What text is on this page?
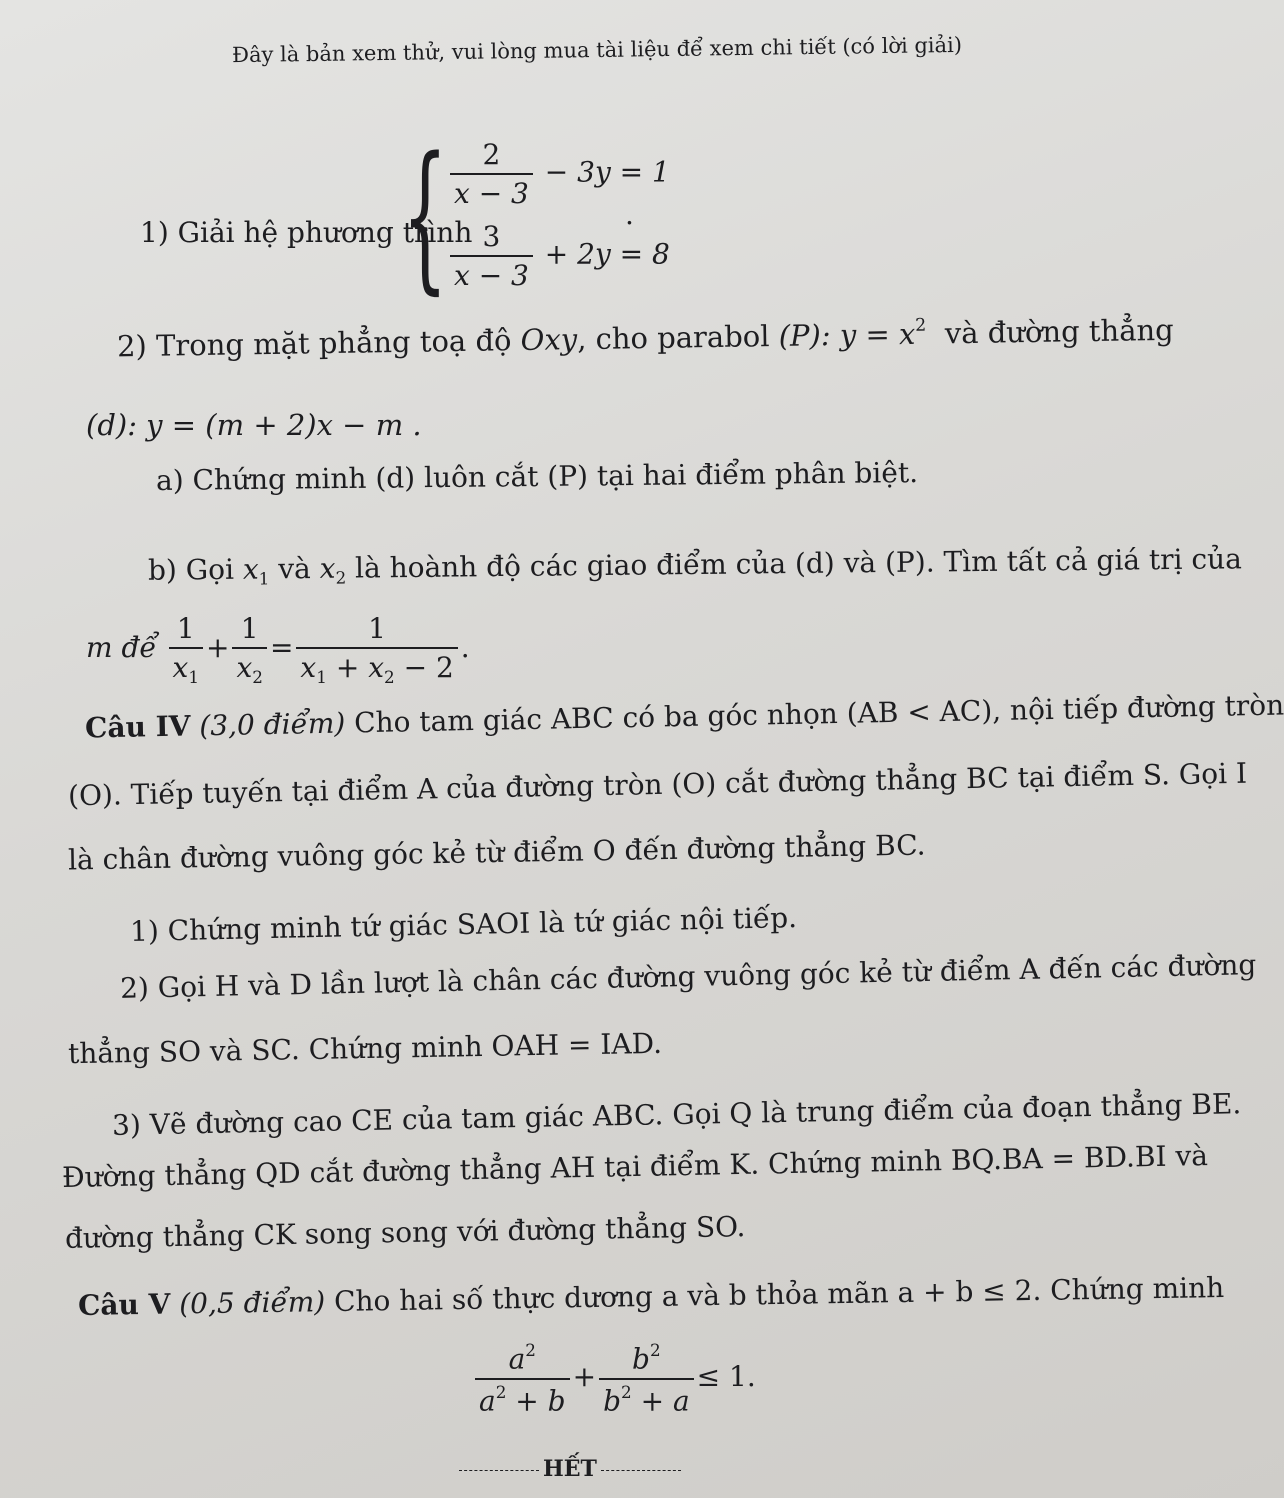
Đây là bản xem thử, vui lòng mua tài liệu để xem chi tiết (có lời giải)
1) Giải hệ phương trình
{ $\frac{2}{x - 3} - 3y = 1$
$\frac{3}{x - 3} + 2y = 8$
.
2) Trong mặt phẳng toạ độ Oxy, cho parabol (P): $y = x^2$ và đường thẳng
(d): y = (m + 2)x − m .
a) Chứng minh (d) luôn cắt (P) tại hai điểm phân biệt.
b) Gọi $x_1$ và $x_2$ là hoành độ các giao điểm của (d) và (P). Tìm tất cả giá trị của
m để $\frac{1}{x_1} + \frac{1}{x_2} = \frac{1}{x_1 + x_2 - 2}$ .
Câu IV (3,0 điểm) Cho tam giác ABC có ba góc nhọn (AB < AC), nội tiếp đường tròn
(O). Tiếp tuyến tại điểm A của đường tròn (O) cắt đường thẳng BC tại điểm S. Gọi I
là chân đường vuông góc kẻ từ điểm O đến đường thẳng BC.
1) Chứng minh tứ giác SAOI là tứ giác nội tiếp.
2) Gọi H và D lần lượt là chân các đường vuông góc kẻ từ điểm A đến các đường
thẳng SO và SC. Chứng minh OAH = IAD.
3) Vẽ đường cao CE của tam giác ABC. Gọi Q là trung điểm của đoạn thẳng BE.
Đường thẳng QD cắt đường thẳng AH tại điểm K. Chứng minh BQ.BA = BD.BI và
đường thẳng CK song song với đường thẳng SO.
Câu V (0,5 điểm) Cho hai số thực dương a và b thỏa mãn a + b ≤ 2. Chứng minh
$\frac{a^2}{a^2 + b} + \frac{b^2}{b^2 + a} \le 1$.
HẾT
